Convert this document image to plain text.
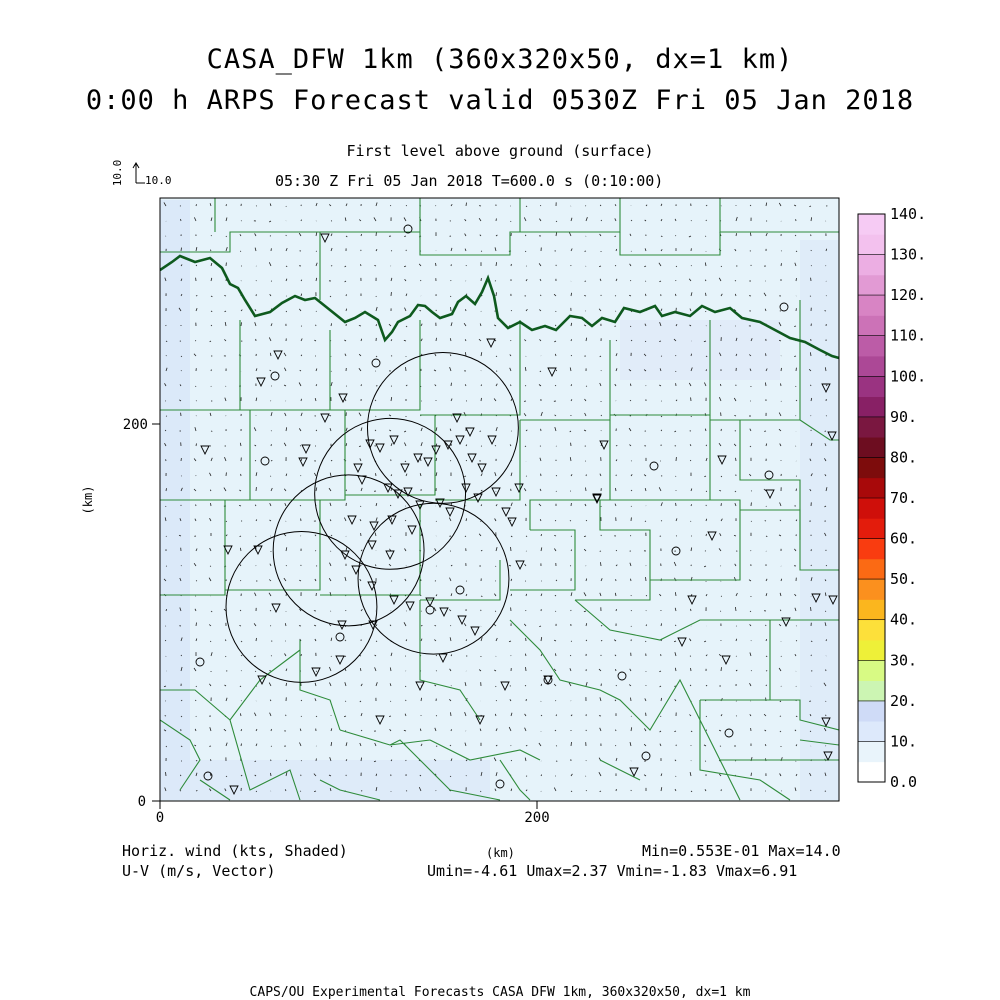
0	200
0
200
(km)
10.0 10.0
140.
130.
120.
110.
100.
90.
80.
70.
60.
50.
40.
30.
20.
10.
0.0
CASA_DFW 1km (360x320x50, dx=1 km)
0:00 h ARPS Forecast valid 0530Z Fri 05 Jan 2018
First level above ground (surface)
05:30 Z Fri 05 Jan 2018 T=600.0 s (0:10:00)
Horiz. wind (kts, Shaded)
U-V (m/s, Vector)
(km)	Min=0.553E-01 Max=14.0
Umin=-4.61 Umax=2.37 Vmin=-1.83 Vmax=6.91
CAPS/OU Experimental Forecasts CASA DFW 1km, 360x320x50, dx=1 km
